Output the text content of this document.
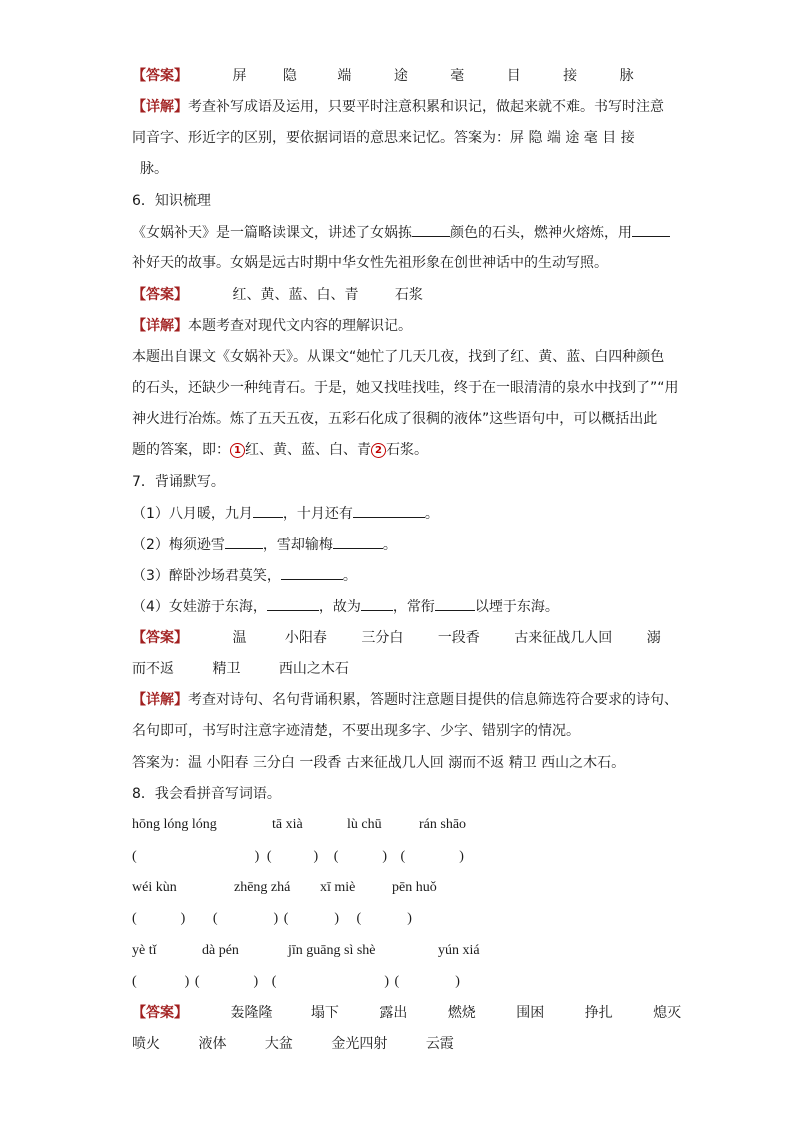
【答案】	屏	隐	端	途	毫	目	接	脉
【详解】考查补写成语及运用，只要平时注意积累和识记，做起来就不难。书写时注意
同音字、形近字的区别，要依据词语的意思来记忆。答案为：屏 隐 端 途 毫 目 接
脉。
6．知识梳理
《女娲补天》是一篇略读课文，讲述了女娲拣	颜色的石头，燃神火熔炼，用
补好天的故事。女娲是远古时期中华女性先祖形象在创世神话中的生动写照。
【答案】	红、黄、蓝、白、青	石浆
【详解】本题考查对现代文内容的理解识记。
本题出自课文《女娲补天》。从课文“她忙了几天几夜，找到了红、黄、蓝、白四种颜色
的石头，还缺少一种纯青石。于是，她又找哇找哇，终于在一眼清清的泉水中找到了”“用
神火进行冶炼。炼了五天五夜，五彩石化成了很稠的液体”这些语句中，可以概括出此
题的答案，即： 1 红、黄、蓝、白、青 2 石浆。
7．背诵默写。
（1）八月暖，九月 ，十月还有	。
（2）梅须逊雪	，雪却输梅	。
（3）醉卧沙场君莫笑，	。
（4）女娃游于东海，	，故为 ，常衔	以堙于东海。
【答案】	温	小阳春 三分白 一段香 古来征战几人回 溺
而不返	精卫	西山之木石
【详解】考查对诗句、名句背诵积累，答题时注意题目提供的信息筛选符合要求的诗句、
名句即可，书写时注意字迹清楚，不要出现多字、少字、错别字的情况。
答案为：温 小阳春 三分白 一段香 古来征战几人回 溺而不返 精卫 西山之木石。
8．我会看拼音写词语。
hōng lóng lóng	tā xià	lù chū	rán shāo
(	) (	) (	) (	)
wéi kùn	zhēng zhá xī miè	pēn huǒ
(	) (	) (	) (	)
yè tǐ	dà pén	jīn guāng sì shè	yún xiá
(	) (	) (	) (	)
【答案】	轰隆隆	塌下	露出	燃烧	围困	挣扎	熄灭
喷火	液体	大盆	金光四射	云霞
